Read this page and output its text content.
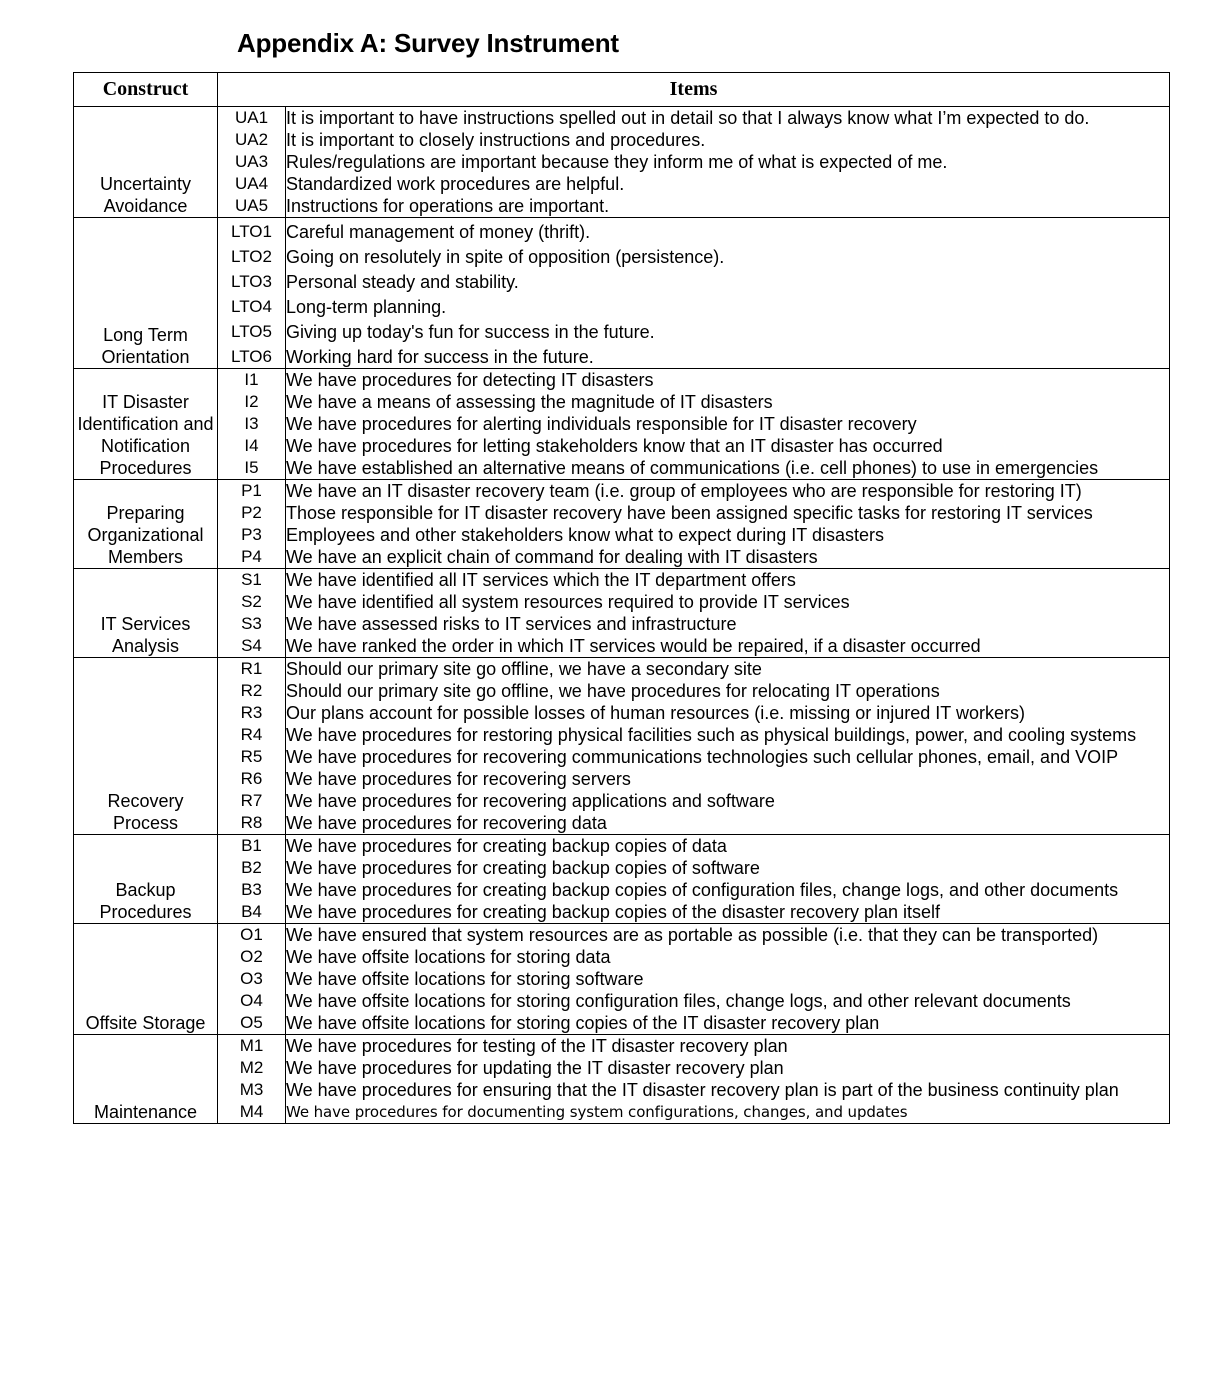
Appendix A: Survey Instrument
Construct	Items	
Uncertainty Avoidance	UA1	It is important to have instructions spelled out in detail so that I always know what I’m expected to do.
	UA2	It is important to closely instructions and procedures.
	UA3	Rules/regulations are important because they inform me of what is expected of me.
	UA4	Standardized work procedures are helpful.
	UA5	Instructions for operations are important.
Long Term Orientation	LTO1	Careful management of money (thrift).
	LTO2	Going on resolutely in spite of opposition (persistence).
	LTO3	Personal steady and stability.
	LTO4	Long-term planning.
	LTO5	Giving up today's fun for success in the future.
	LTO6	Working hard for success in the future.
IT Disaster Identification and Notification Procedures	I1	We have procedures for detecting IT disasters
	I2	We have a means of assessing the magnitude of IT disasters
	I3	We have procedures for alerting individuals responsible for IT disaster recovery
	I4	We have procedures for letting stakeholders know that an IT disaster has occurred
	I5	We have established an alternative means of communications (i.e. cell phones) to use in emergencies
Preparing Organizational Members	P1	We have an IT disaster recovery team (i.e. group of employees who are responsible for restoring IT)
	P2	Those responsible for IT disaster recovery have been assigned specific tasks for restoring IT services
	P3	Employees and other stakeholders know what to expect during IT disasters
	P4	We have an explicit chain of command for dealing with IT disasters
IT Services Analysis	S1	We have identified all IT services which the IT department offers
	S2	We have identified all system resources required to provide IT services
	S3	We have assessed risks to IT services and infrastructure
	S4	We have ranked the order in which IT services would be repaired, if a disaster occurred
Recovery Process	R1	Should our primary site go offline, we have a secondary site
	R2	Should our primary site go offline, we have procedures for relocating IT operations
	R3	Our plans account for possible losses of human resources (i.e. missing or injured IT workers)
	R4	We have procedures for restoring physical facilities such as physical buildings, power, and cooling systems
	R5	We have procedures for recovering communications technologies such cellular phones, email, and VOIP
	R6	We have procedures for recovering servers
	R7	We have procedures for recovering applications and software
	R8	We have procedures for recovering data
Backup Procedures	B1	We have procedures for creating backup copies of data
	B2	We have procedures for creating backup copies of software
	B3	We have procedures for creating backup copies of configuration files, change logs, and other documents
	B4	We have procedures for creating backup copies of the disaster recovery plan itself
Offsite Storage	O1	We have ensured that system resources are as portable as possible (i.e. that they can be transported)
	O2	We have offsite locations for storing data
	O3	We have offsite locations for storing software
	O4	We have offsite locations for storing configuration files, change logs, and other relevant documents
	O5	We have offsite locations for storing copies of the IT disaster recovery plan
Maintenance	M1	We have procedures for testing of the IT disaster recovery plan
	M2	We have procedures for updating the IT disaster recovery plan
	M3	We have procedures for ensuring that the IT disaster recovery plan is part of the business continuity plan
	M4	We have procedures for documenting system configurations, changes, and updates
